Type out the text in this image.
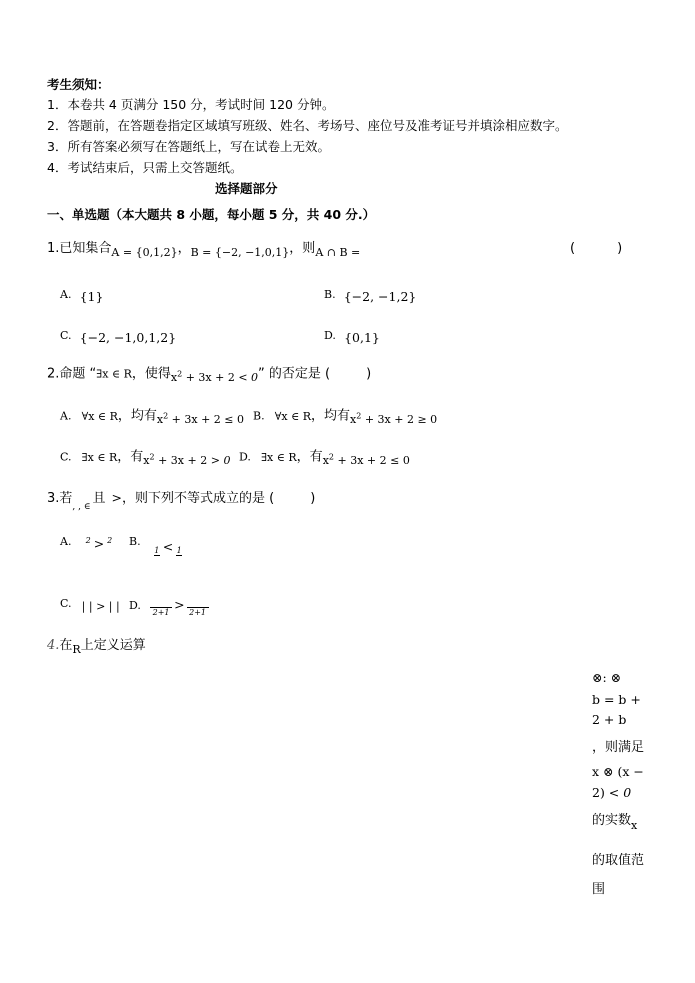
考生须知：
1．本卷共 4 页满分 150 分，考试时间 120 分钟。
2．答题前，在答题卷指定区域填写班级、姓名、考场号、座位号及准考证号并填涂相应数字。
3．所有答案必须写在答题纸上，写在试卷上无效。
4．考试结束后，只需上交答题纸。
选择题部分
一、单选题（本大题共 8 小题，每小题 5 分，共 40 分.）
1.已知集合$_{A = \{0,1,2\}}$，$_{B = \{-2, -1,0,1\}}$，则$_{A \cap B =}$	(	)
A. {1}	B. {−2, −1,2}
C. {−2, −1,0,1,2}	D. {0,1}
2.命题 “∃x ∈ R，使得$_{x^2 + 3x + 2 < 0}$” 的否定是 (	)
A. ∀x ∈ R，均有$_{x^2 + 3x + 2 \le 0}$ B. ∀x ∈ R，均有$_{x^2 + 3x + 2 \ge 0}$
C. ∃x ∈ R，有$_{x^2 + 3x + 2 > 0}$ D. ∃x ∈ R，有$_{x^2 + 3x + 2 \le 0}$
3.若$_{, , \in}$且 >，则下列不等式成立的是 (	)
A. 2 > 2 B.
1 < 1
C. $_{| | > | |}$ D.
2+1
>
2+1
4.在$_R$上定义运算
⊗: ⊗
b = b +
2 + b
，则满足
x ⊗ (x −
2) < 0
的实数$_x$
的取值范
围
